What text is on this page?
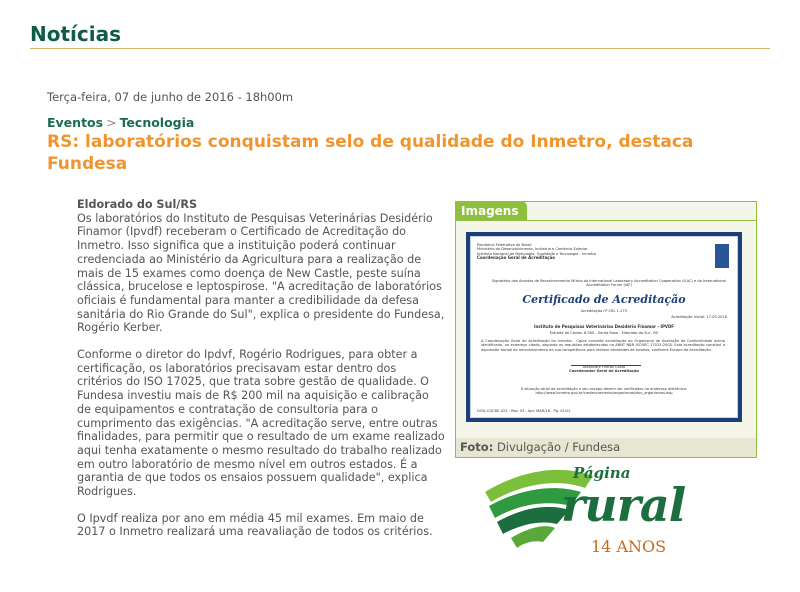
Notícias
Terça-feira, 07 de junho de 2016 - 18h00m
Eventos > Tecnologia
RS: laboratórios conquistam selo de qualidade do Inmetro, destaca Fundesa

Eldorado do Sul/RS
Os laboratórios do Instituto de Pesquisas Veterinárias Desidério Finamor (Ipvdf) receberam o Certificado de Acreditação do Inmetro. Isso significa que a instituição poderá continuar credenciada ao Ministério da Agricultura para a realização de mais de 15 exames como doença de New Castle, peste suína clássica, brucelose e leptospirose. "A acreditação de laboratórios oficiais é fundamental para manter a credibilidade da defesa sanitária do Rio Grande do Sul", explica o presidente do Fundesa, Rogério Kerber.

Conforme o diretor do Ipdvf, Rogério Rodrigues, para obter a certificação, os laboratórios precisavam estar dentro dos critérios do ISO 17025, que trata sobre gestão de qualidade. O Fundesa investiu mais de R$ 200 mil na aquisição e calibração de equipamentos e contratação de consultoria para o cumprimento das exigências. "A acreditação serve, entre outras finalidades, para permitir que o resultado de um exame realizado aqui tenha exatamente o mesmo resultado do trabalho realizado em outro laboratório de mesmo nível em outros estados. É a garantia de que todos os ensaios possuem qualidade", explica Rodrigues.

O Ipvdf realiza por ano em média 45 mil exames. Em maio de 2017 o Inmetro realizará uma reavaliação de todos os critérios.

Imagens
República Federativa do Brasil
Ministério do Desenvolvimento, Indústria e Comércio Exterior
Instituto Nacional de Metrologia, Qualidade e Tecnologia - Inmetro
Coordenação Geral de Acreditação
Signatário dos Acordos de Reconhecimento Mútuo da International Laboratory Accreditation Cooperation (ILAC) e da International Accreditation Forum (IAF)
Certificado de Acreditação
Acreditação nº CRL 1.273
Acreditação inicial: 17.05.2016
Instituto de Pesquisas Veterinárias Desidério Finamor - IPVDF
Estrada do Conde, 6.000 - Santa Rosa - Eldorado do Sul - RS
A Coordenação Geral de Acreditação do Inmetro - Cgcre concede acreditação ao Organismo de Avaliação da Conformidade acima identificado, no endereço citado, segundo os requisitos estabelecidos na ABNT NBR ISO/IEC 17025:2005. Esta acreditação constitui a expressão formal do reconhecimento de sua competência para realizar atividades de ensaios, conforme Escopo de Acreditação.
Alexandre Freitas Costa
Coordenador Geral de Acreditação
A situação atual da acreditação e seu escopo devem ser verificados no endereço eletrônico: http://www.inmetro.gov.br/credenciamento/organismos/doc_organismos.asp
DOQ-CGCRE-022 - Rev. 03 - Apr. MAR/16 - Pg. 01/01
Foto: Divulgação / Fundesa
Página
rural
14 ANOS
